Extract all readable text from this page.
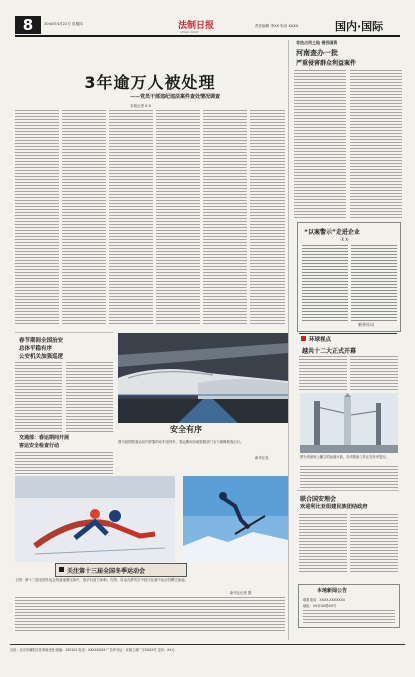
8	2004年4月22日 星期四	法制日报
LEGAL DAILY
责任编辑 李XX 电话 XXXX	国内·国际
3年逾万人被处理
——党员干部违纪违法案件查处情况调查
本报记者 X X
非法占用土地 侵吞国资
河南查办一批
严重侵害群众利益案件
“以案警示”走进企业
·X X·
新华社讯
安全有序
图为某铁路客运站内停靠的动车组列车，春运期间各地铁路部门全力保障旅客出行。
新华社发
春节期间全国治安
总体平稳有序
公安机关加强巡逻
交通部：春运期间开展
客运安全检查行动
关注第十三届全国冬季运动会
上图：第十三届全国冬运会短道速滑比赛中，选手们奋力冲刺；右图：自由式滑雪空中技巧比赛中运动员腾空而起。
新华社记者 摄
环球视点
越共十二大正式开幕
图为发射场上矗立的运载火箭，各项准备工作正在有序进行。
联合国安理会
欢迎利比亚组建民族团结政府
本地新闻公告
联系电话：XXXX-XXXXXXX
地址：XX市XX路XX号
社址：北京市朝阳区花家地北里 邮编：100102 电话：XXXXXXXX 广告许可证：京朝工商广字XXXX号 定价：XX元
